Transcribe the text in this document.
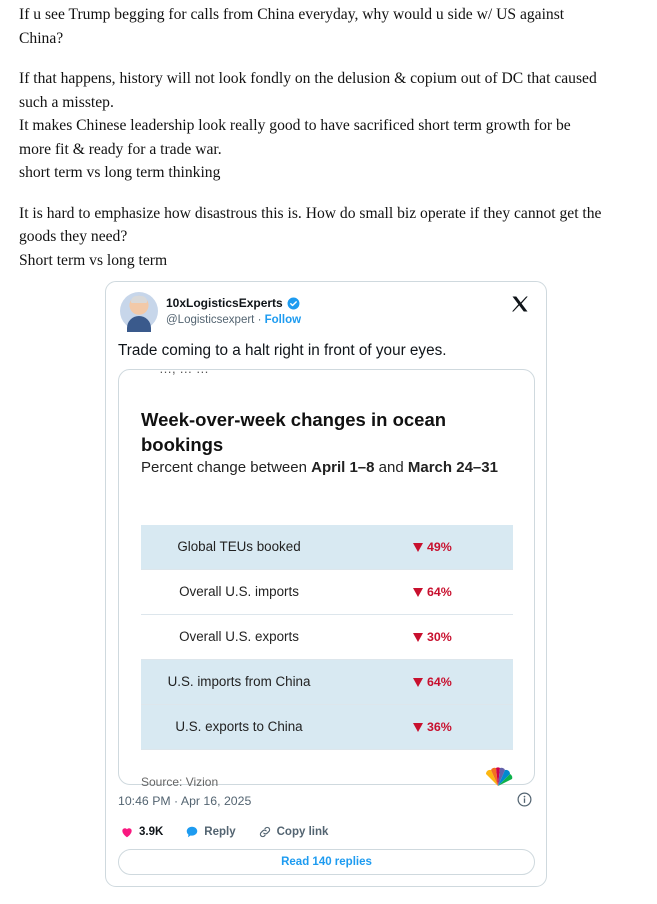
If u see Trump begging for calls from China everyday, why would u side w/ US against
China?

If that happens, history will not look fondly on the delusion & copium out of DC that caused
such a misstep.
It makes Chinese leadership look really good to have sacrificed short term growth for be
more fit & ready for a trade war.
short term vs long term thinking

It is hard to emphasize how disastrous this is. How do small biz operate if they cannot get the
goods they need?
Short term vs long term

10xLogisticsExperts
@Logisticsexpert · Follow
Trade coming to a halt right in front of your eyes.
…, … …
Week-over-week changes in ocean bookings
Percent change between April 1–8 and March 24–31
Global TEUs booked	49%
Overall U.S. imports	64%
Overall U.S. exports	30%
U.S. imports from China	64%
U.S. exports to China	36%
Source: Vizion
10:46 PM · Apr 16, 2025
3.9K	Reply	Copy link
Read 140 replies
